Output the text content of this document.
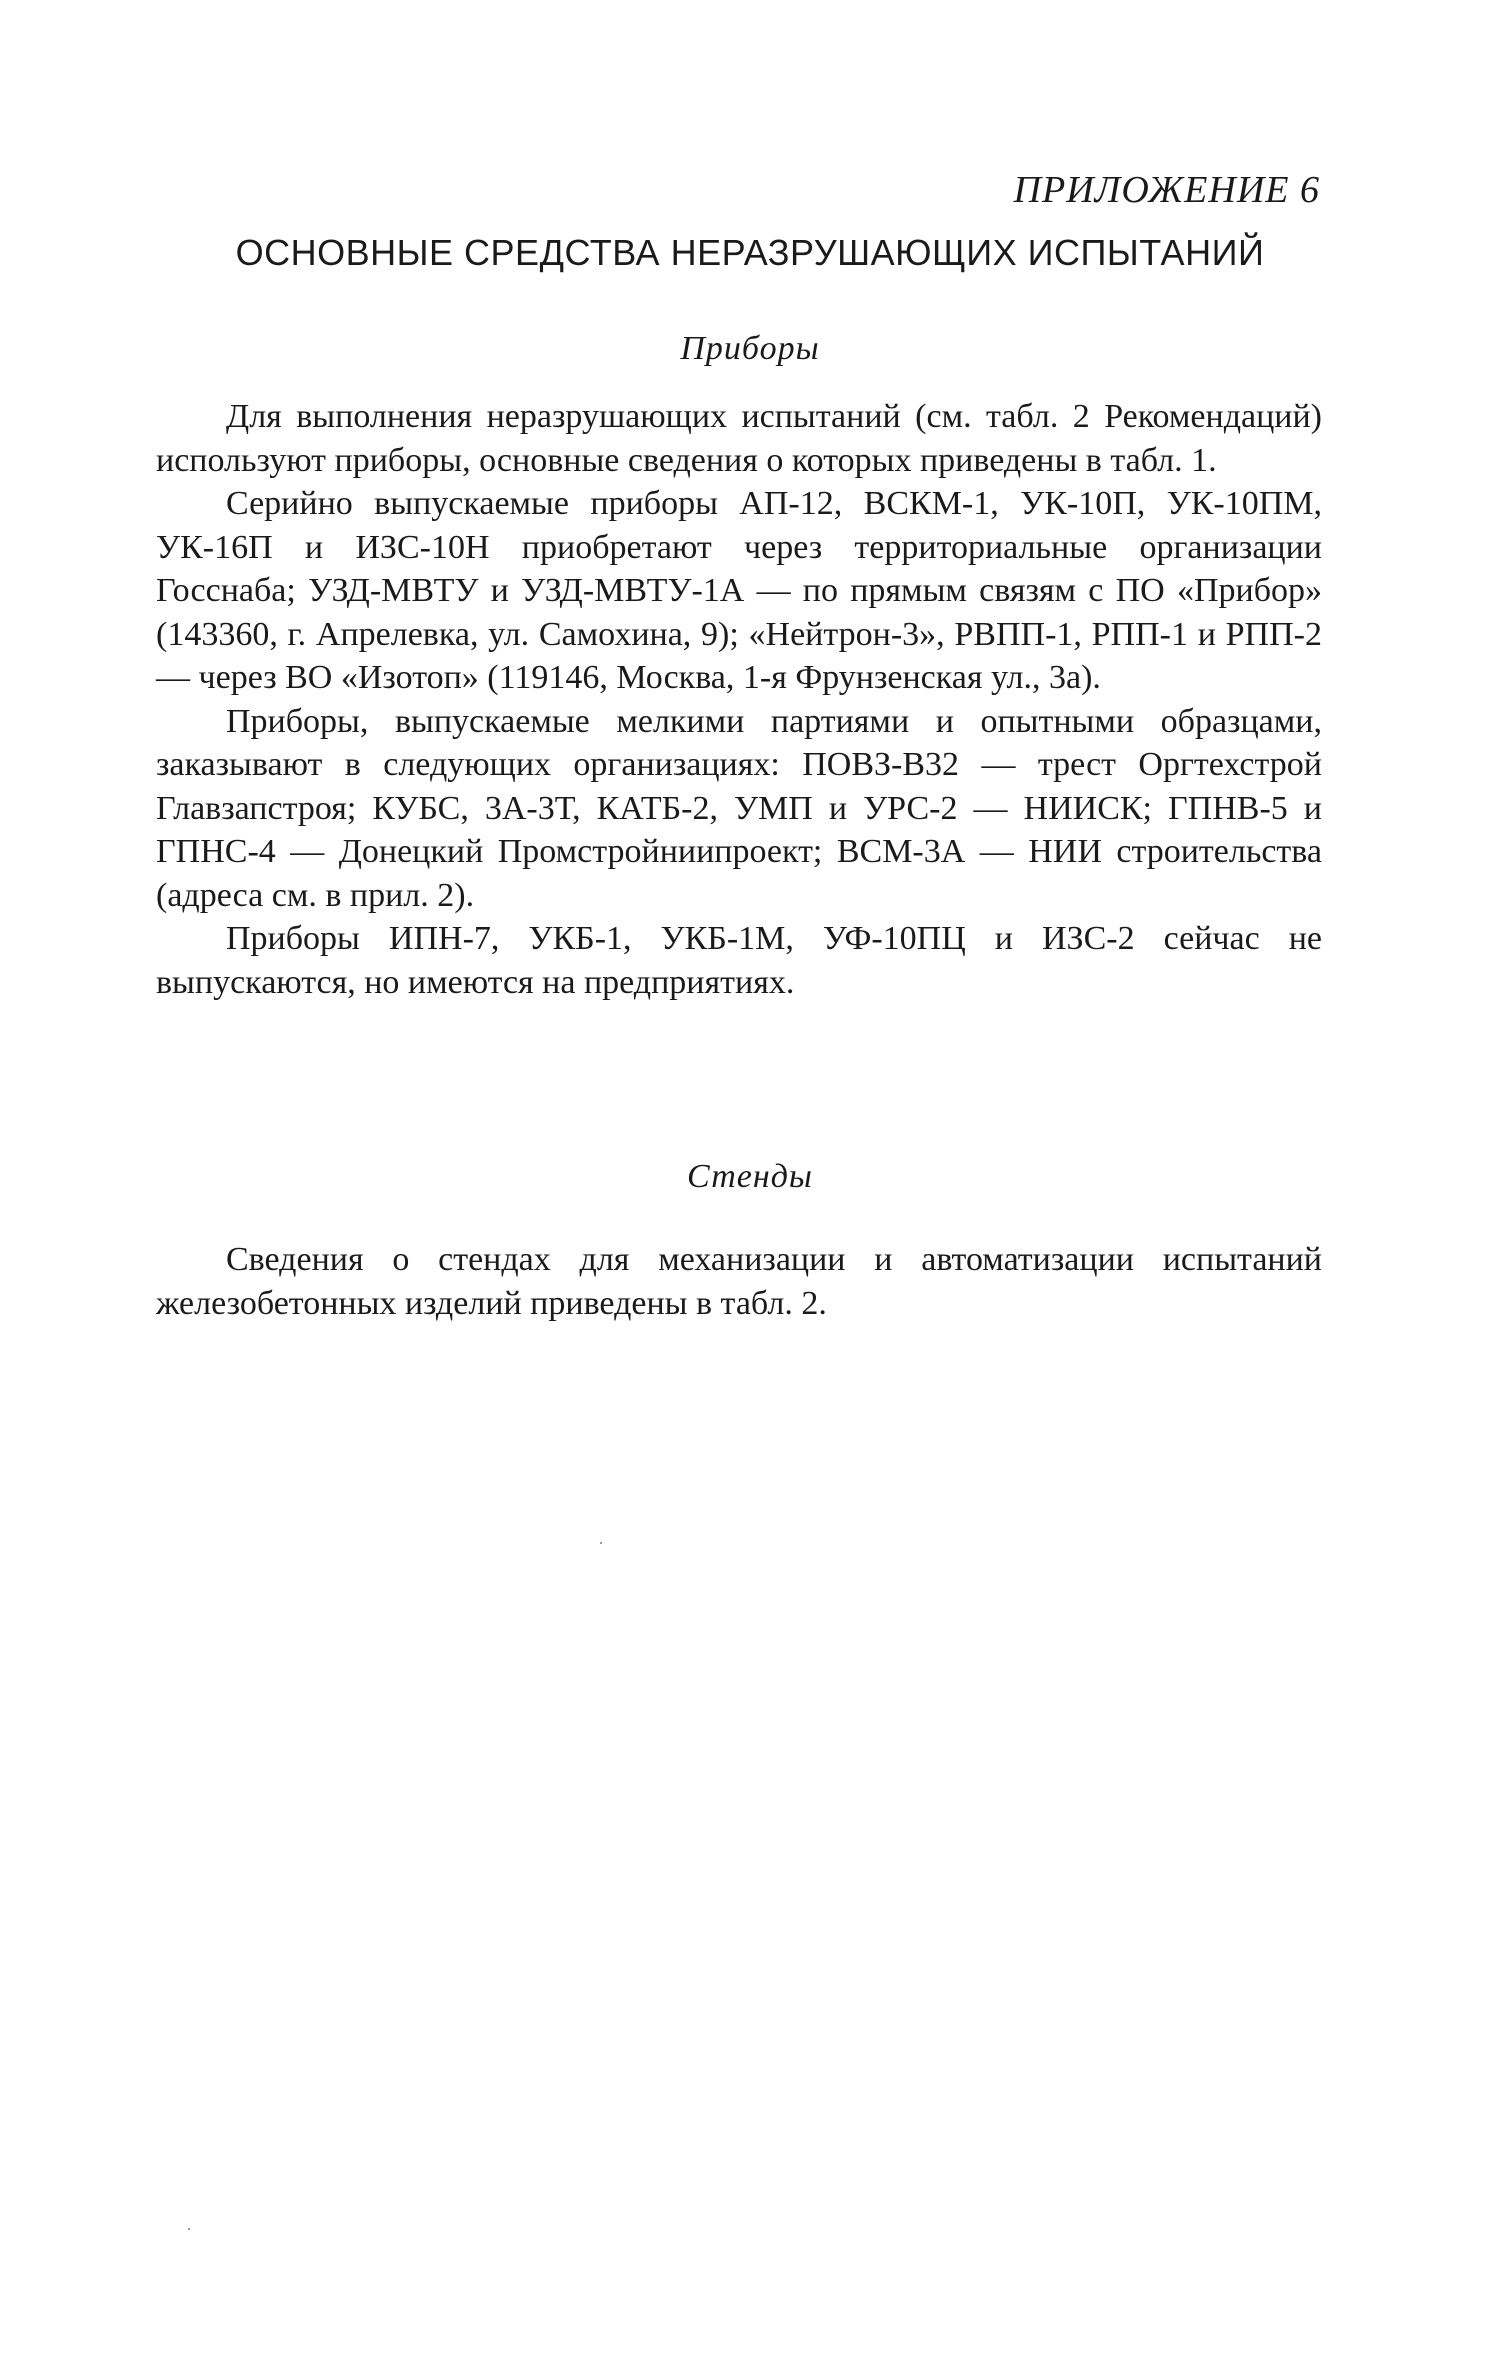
ПРИЛОЖЕНИЕ 6
ОСНОВНЫЕ СРЕДСТВА НЕРАЗРУШАЮЩИХ ИСПЫТАНИЙ
Приборы

Для выполнения неразрушающих испытаний (см. табл. 2 Рекомендаций) используют приборы, основные сведения о которых приведены в табл. 1.

Серийно выпускаемые приборы АП-12, ВСКМ-1, УК-10П, УК-10ПМ, УК-16П и ИЗС-10Н приобретают через территориальные организации Госснаба; УЗД-МВТУ и УЗД-МВТУ-1А — по прямым связям с ПО «Прибор» (143360, г. Апрелевка, ул. Самохина, 9); «Нейтрон-3», РВПП-1, РПП-1 и РПП-2 — через ВО «Изотоп» (119146, Москва, 1-я Фрунзенская ул., 3а).

Приборы, выпускаемые мелкими партиями и опытными образцами, заказывают в следующих организациях: ПОВЗ-В32 — трест Оргтехстрой Главзапстроя; КУБС, 3А-3Т, КАТБ-2, УМП и УРС-2 — НИИСК; ГПНВ-5 и ГПНС-4 — Донецкий Промстройниипроект; ВСМ-3А — НИИ строительства (адреса см. в прил. 2).

Приборы ИПН-7, УКБ-1, УКБ-1М, УФ-10ПЦ и ИЗС-2 сейчас не выпускаются, но имеются на предприятиях.

Стенды

Сведения о стендах для механизации и автоматизации испытаний железобетонных изделий приведены в табл. 2.
